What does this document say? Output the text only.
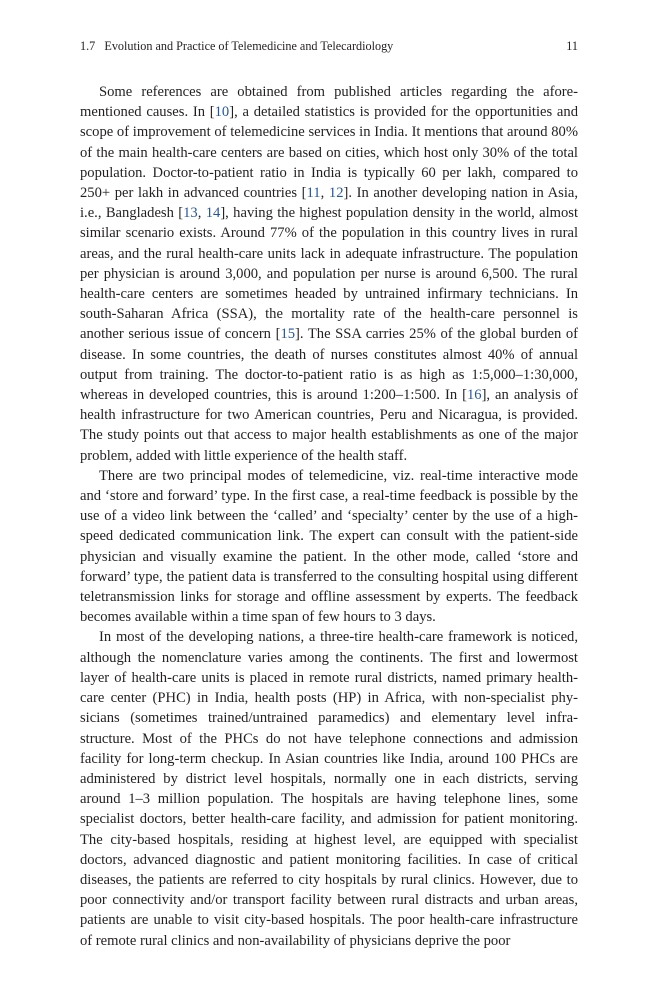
1.7 Evolution and Practice of Telemedicine and Telecardiology	11

Some references are obtained from published articles regarding the afore-mentioned causes. In [10], a detailed statistics is provided for the opportunities and scope of improvement of telemedicine services in India. It mentions that around 80% of the main health-care centers are based on cities, which host only 30% of the total population. Doctor-to-patient ratio in India is typically 60 per lakh, compared to 250+ per lakh in advanced countries [11, 12]. In another developing nation in Asia, i.e., Bangladesh [13, 14], having the highest population density in the world, almost similar scenario exists. Around 77% of the population in this country lives in rural areas, and the rural health-care units lack in adequate infrastructure. The population per physician is around 3,000, and population per nurse is around 6,500. The rural health-care centers are sometimes headed by untrained infirmary technicians. In south-Saharan Africa (SSA), the mortality rate of the health-care personnel is another serious issue of concern [15]. The SSA carries 25% of the global burden of disease. In some countries, the death of nurses constitutes almost 40% of annual output from training. The doctor-to-patient ratio is as high as 1:5,000–1:30,000, whereas in developed countries, this is around 1:200–1:500. In [16], an analysis of health infrastructure for two American countries, Peru and Nicaragua, is provided. The study points out that access to major health establishments as one of the major problem, added with little experience of the health staff.

There are two principal modes of telemedicine, viz. real-time interactive mode and ‘store and forward’ type. In the first case, a real-time feedback is possible by the use of a video link between the ‘called’ and ‘specialty’ center by the use of a high-speed dedicated communication link. The expert can consult with the patient-side physician and visually examine the patient. In the other mode, called ‘store and forward’ type, the patient data is transferred to the consulting hospital using different teletransmission links for storage and offline assessment by experts. The feedback becomes available within a time span of few hours to 3 days.

In most of the developing nations, a three-tire health-care framework is noticed, although the nomenclature varies among the continents. The first and lowermost layer of health-care units is placed in remote rural districts, named primary health-care center (PHC) in India, health posts (HP) in Africa, with non-specialist phy-sicians (sometimes trained/untrained paramedics) and elementary level infra-structure. Most of the PHCs do not have telephone connections and admission facility for long-term checkup. In Asian countries like India, around 100 PHCs are administered by district level hospitals, normally one in each districts, serving around 1–3 million population. The hospitals are having telephone lines, some specialist doctors, better health-care facility, and admission for patient monitoring. The city-based hospitals, residing at highest level, are equipped with specialist doctors, advanced diagnostic and patient monitoring facilities. In case of critical diseases, the patients are referred to city hospitals by rural clinics. However, due to poor connectivity and/or transport facility between rural distracts and urban areas, patients are unable to visit city-based hospitals. The poor health-care infrastructure of remote rural clinics and non-availability of physicians deprive the poor
